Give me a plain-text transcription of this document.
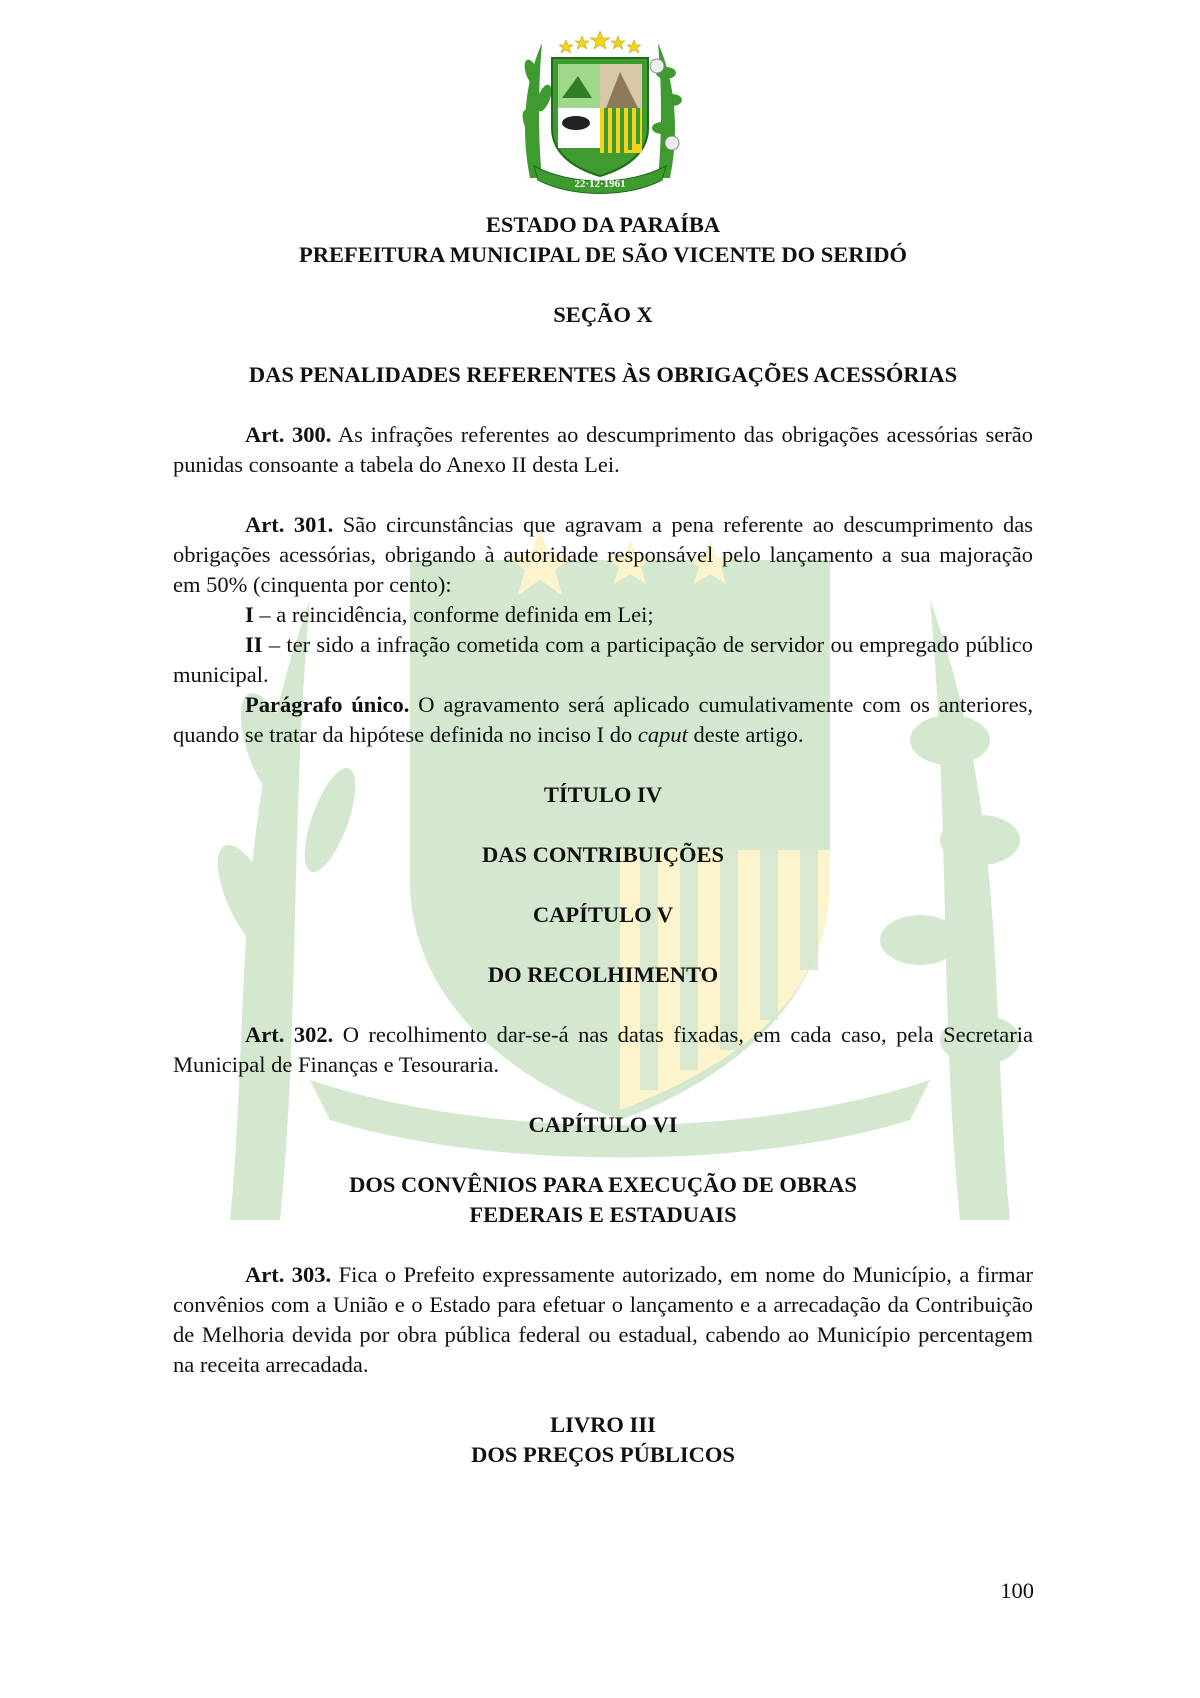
22·12·1961

ESTADO DA PARAÍBA

PREFEITURA MUNICIPAL DE SÃO VICENTE DO SERIDÓ

SEÇÃO X

DAS PENALIDADES REFERENTES ÀS OBRIGAÇÕES ACESSÓRIAS

Art. 300. As infrações referentes ao descumprimento das obrigações acessórias serão punidas consoante a tabela do Anexo II desta Lei.

Art. 301. São circunstâncias que agravam a pena referente ao descumprimento das obrigações acessórias, obrigando à autoridade responsável pelo lançamento a sua majoração em 50% (cinquenta por cento):

I – a reincidência, conforme definida em Lei;

II – ter sido a infração cometida com a participação de servidor ou empregado público municipal.

Parágrafo único. O agravamento será aplicado cumulativamente com os anteriores, quando se tratar da hipótese definida no inciso I do caput deste artigo.

TÍTULO IV

DAS CONTRIBUIÇÕES

CAPÍTULO V

DO RECOLHIMENTO

Art. 302. O recolhimento dar-se-á nas datas fixadas, em cada caso, pela Secretaria Municipal de Finanças e Tesouraria.

CAPÍTULO VI

DOS CONVÊNIOS PARA EXECUÇÃO DE OBRAS

FEDERAIS E ESTADUAIS

Art. 303. Fica o Prefeito expressamente autorizado, em nome do Município, a firmar convênios com a União e o Estado para efetuar o lançamento e a arrecadação da Contribuição de Melhoria devida por obra pública federal ou estadual, cabendo ao Município percentagem na receita arrecadada.

LIVRO III

DOS PREÇOS PÚBLICOS

100
